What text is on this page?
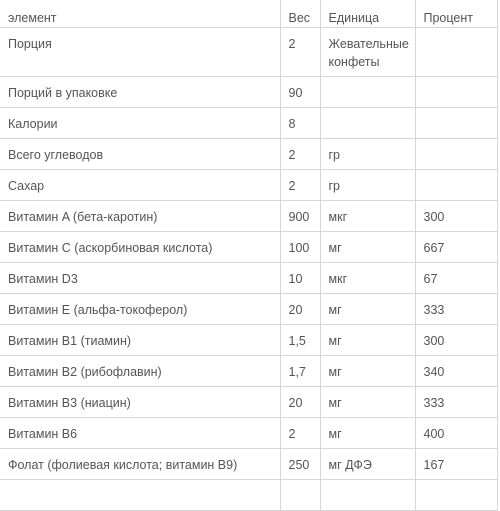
элемент	Вес	Единица	Процент
Порция	2	Жевательные конфеты	
Порций в упаковке	90		
Калории	8		
Всего углеводов	2	гр	
Сахар	2	гр	
Витамин A (бета-каротин)	900	мкг	300
Витамин C (аскорбиновая кислота)	100	мг	667
Витамин D3	10	мкг	67
Витамин E (альфа-токоферол)	20	мг	333
Витамин B1 (тиамин)	1,5	мг	300
Витамин B2 (рибофлавин)	1,7	мг	340
Витамин B3 (ниацин)	20	мг	333
Витамин B6	2	мг	400
Фолат (фолиевая кислота; витамин B9)	250	мг ДФЭ	167
